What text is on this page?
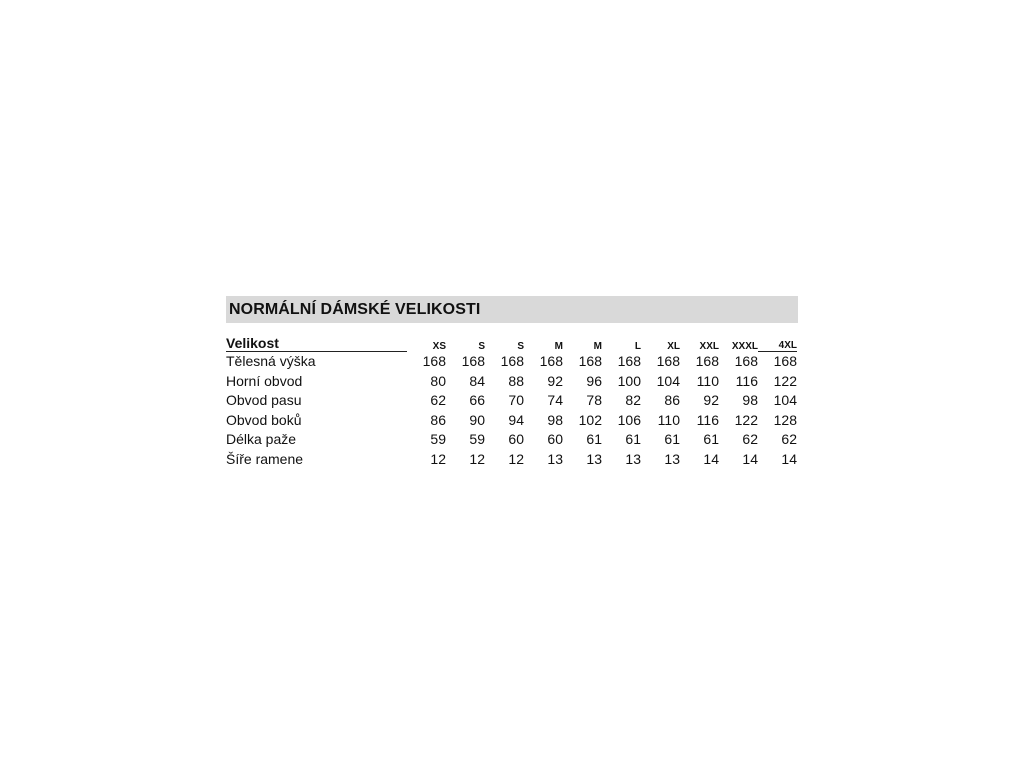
NORMÁLNÍ DÁMSKÉ VELIKOSTI
Velikost	XS	S	S	M	M	L	XL	XXL	XXXL	4XL
Tělesná výška	168	168	168	168	168	168	168	168	168	168
Horní obvod	80	84	88	92	96	100	104	110	116	122
Obvod pasu	62	66	70	74	78	82	86	92	98	104
Obvod boků	86	90	94	98	102	106	110	116	122	128
Délka paže	59	59	60	60	61	61	61	61	62	62
Šíře ramene	12	12	12	13	13	13	13	14	14	14
